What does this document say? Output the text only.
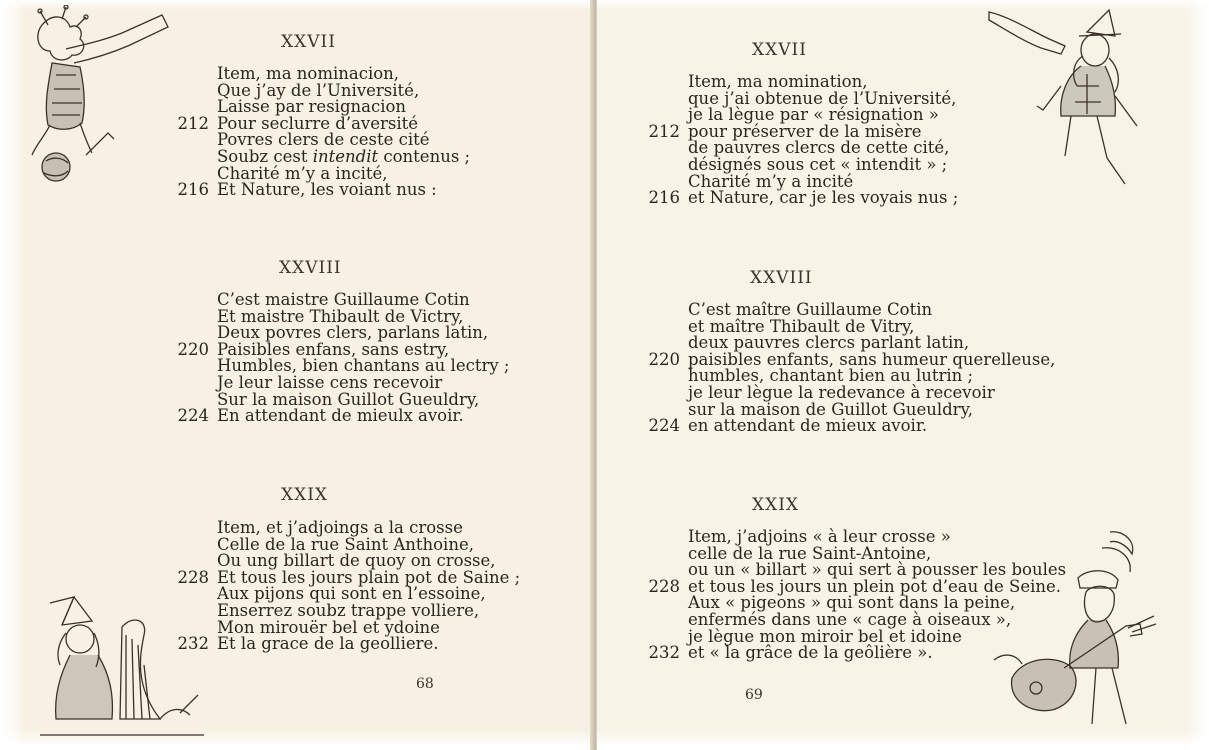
XXVII
Item, ma nominacion,
Que j’ay de l’Université,
Laisse par resignacion
212 Pour seclurre d’aversité
Povres clers de ceste cité
Soubz cest intendit contenus ;
Charité m’y a incité,
216 Et Nature, les voiant nus :
XXVIII
C’est maistre Guillaume Cotin
Et maistre Thibault de Victry,
Deux povres clers, parlans latin,
220 Paisibles enfans, sans estry,
Humbles, bien chantans au lectry ;
Je leur laisse cens recevoir
Sur la maison Guillot Gueuldry,
224 En attendant de mieulx avoir.
XXIX
Item, et j’adjoings a la crosse
Celle de la rue Saint Anthoine,
Ou ung billart de quoy on crosse,
228 Et tous les jours plain pot de Saine ;
Aux pijons qui sont en l’essoine,
Enserrez soubz trappe volliere,
Mon mirouër bel et ydoine
232 Et la grace de la geolliere.
68
XXVII
Item, ma nomination,
que j’ai obtenue de l’Université,
je la lègue par « résignation »
212 pour préserver de la misère
de pauvres clercs de cette cité,
désignés sous cet « intendit » ;
Charité m’y a incité
216 et Nature, car je les voyais nus ;
XXVIII
C’est maître Guillaume Cotin
et maître Thibault de Vitry,
deux pauvres clercs parlant latin,
220 paisibles enfants, sans humeur querelleuse,
humbles, chantant bien au lutrin ;
je leur lègue la redevance à recevoir
sur la maison de Guillot Gueuldry,
224 en attendant de mieux avoir.
XXIX
Item, j’adjoins « à leur crosse »
celle de la rue Saint-Antoine,
ou un « billart » qui sert à pousser les boules
228 et tous les jours un plein pot d’eau de Seine.
Aux « pigeons » qui sont dans la peine,
enfermés dans une « cage à oiseaux »,
je lègue mon miroir bel et idoine
232 et « la grâce de la geôlière ».
69
